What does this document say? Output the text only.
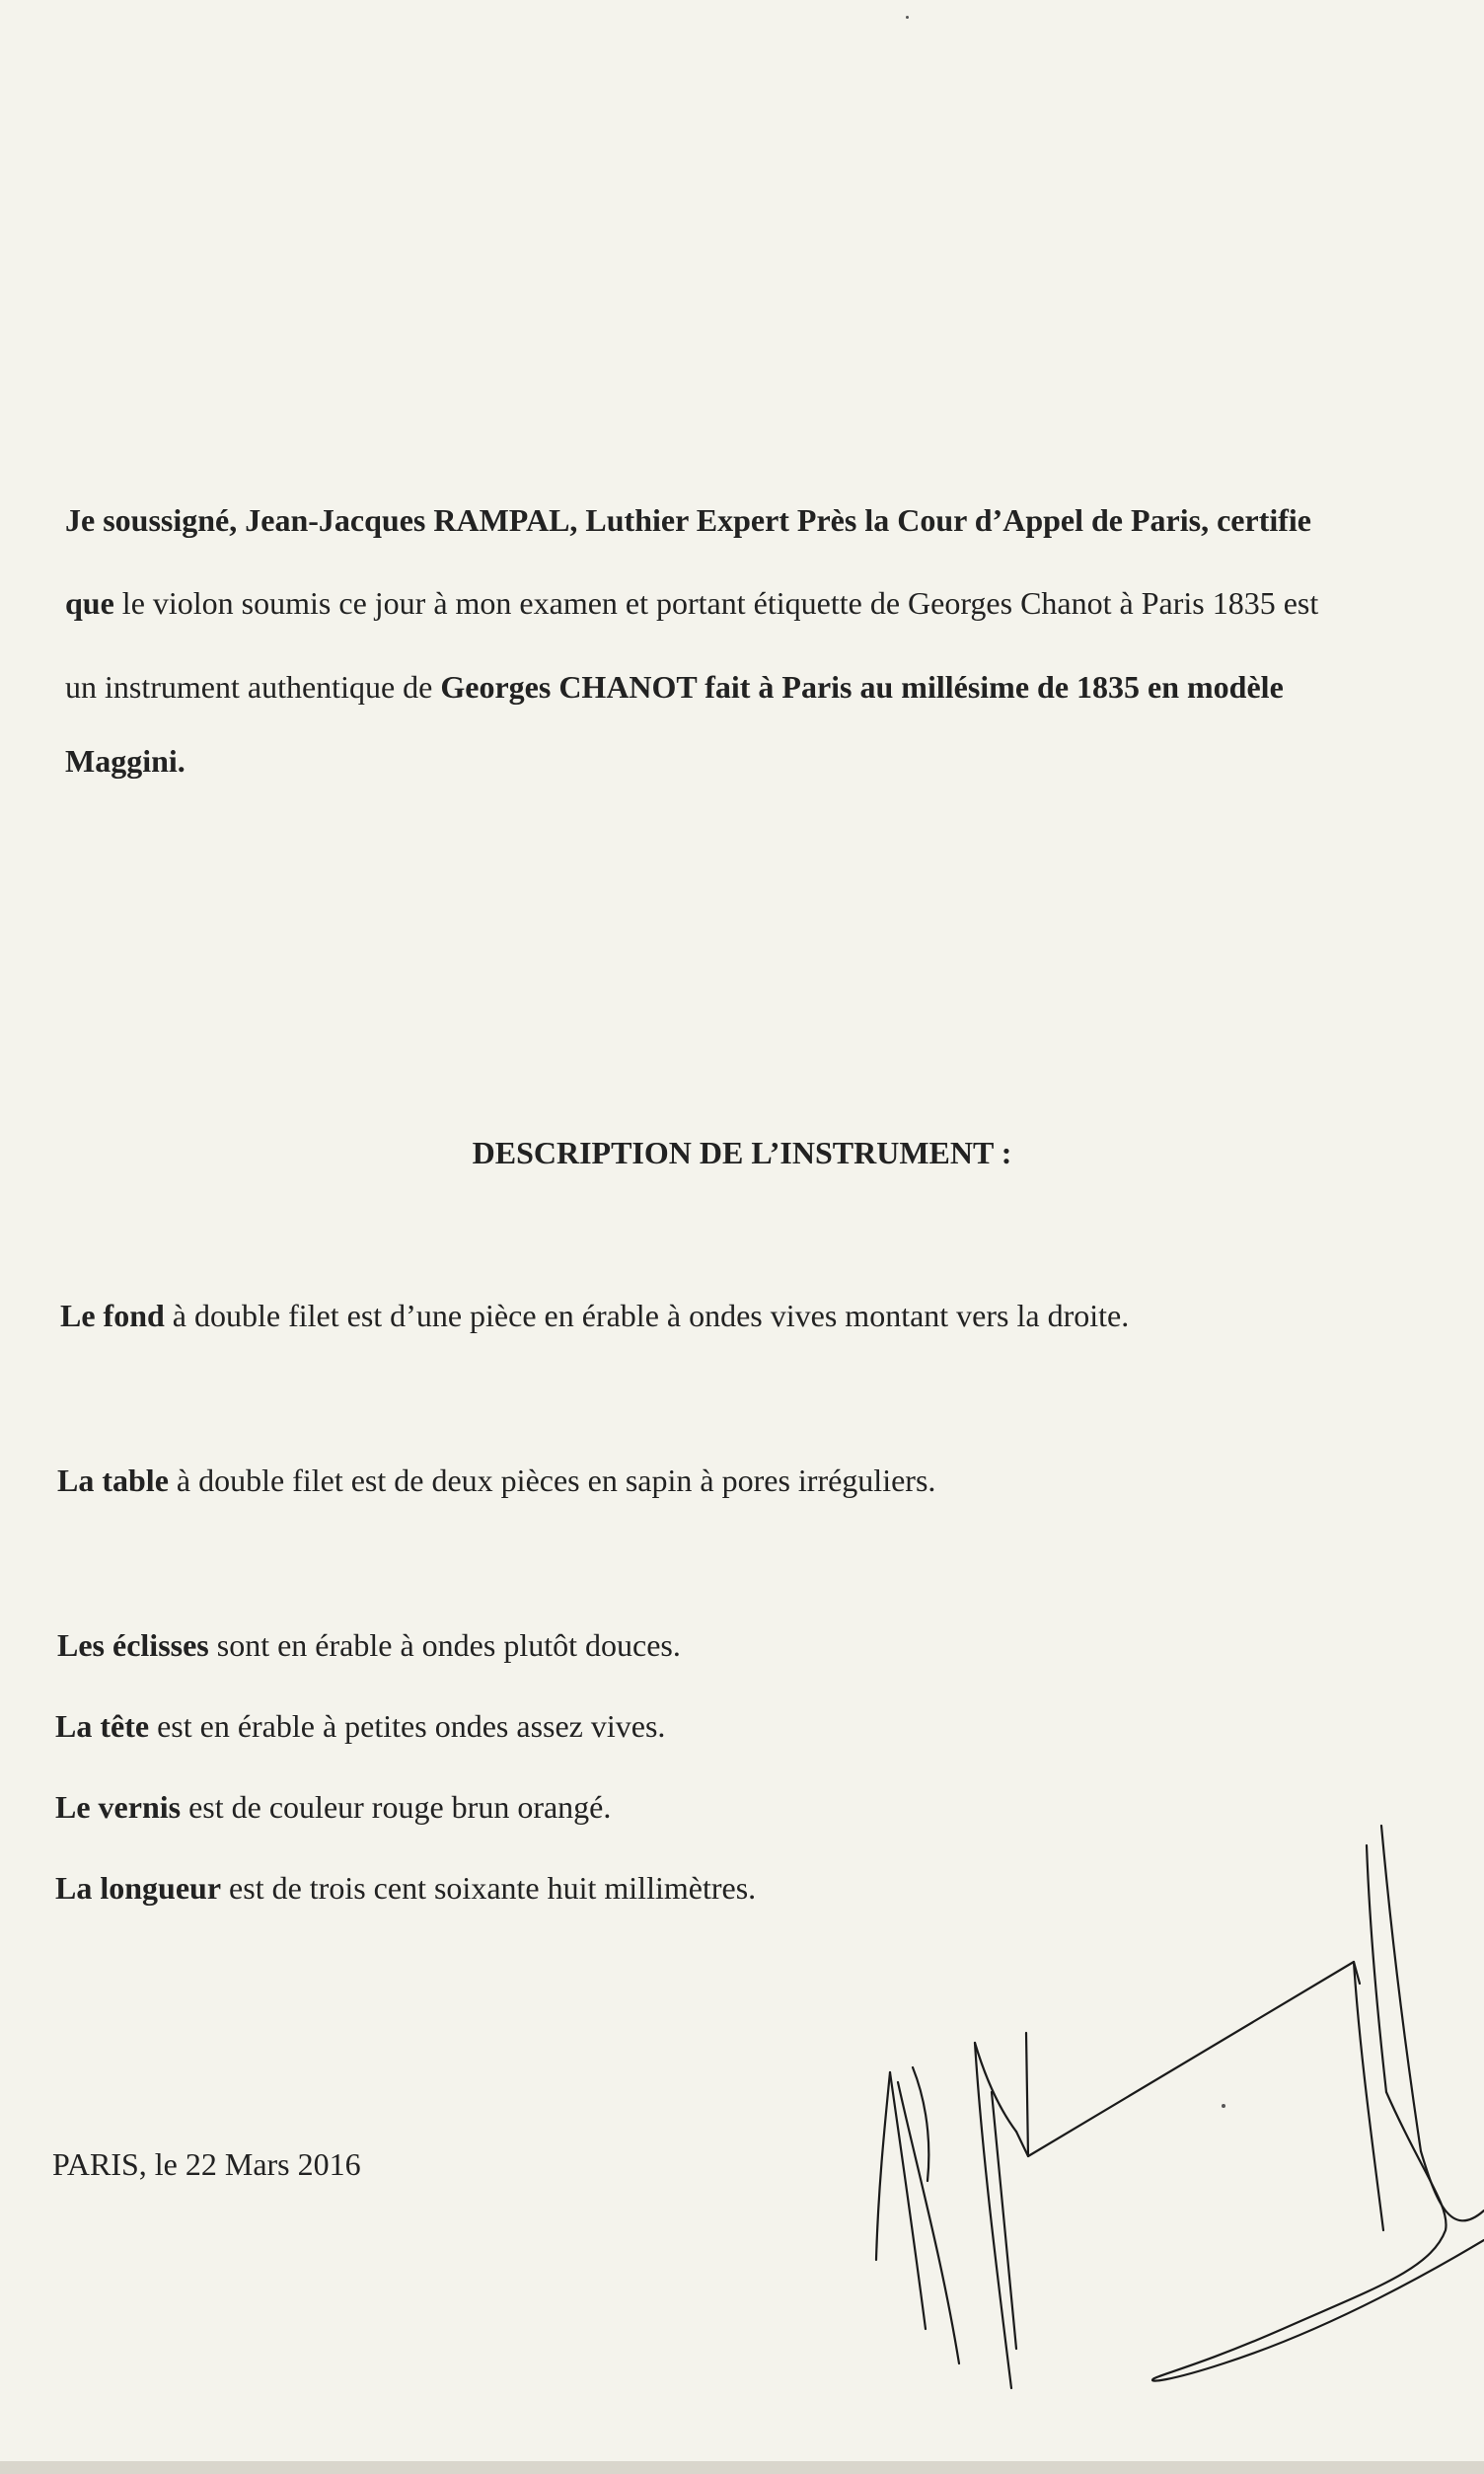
Je soussigné, Jean-Jacques RAMPAL, Luthier Expert Près la Cour d’Appel de Paris, certifie

que le violon soumis ce jour à mon examen et portant étiquette de Georges Chanot à Paris 1835 est

un instrument authentique de Georges CHANOT fait à Paris au millésime de 1835 en modèle

Maggini.

DESCRIPTION DE L’INSTRUMENT :

Le fond à double filet est d’une pièce en érable à ondes vives montant vers la droite.

La table à double filet est de deux pièces en sapin à pores irréguliers.

Les éclisses sont en érable à ondes plutôt douces.

La tête est en érable à petites ondes assez vives.

Le vernis est de couleur rouge brun orangé.

La longueur est de trois cent soixante huit millimètres.

PARIS, le 22 Mars 2016
